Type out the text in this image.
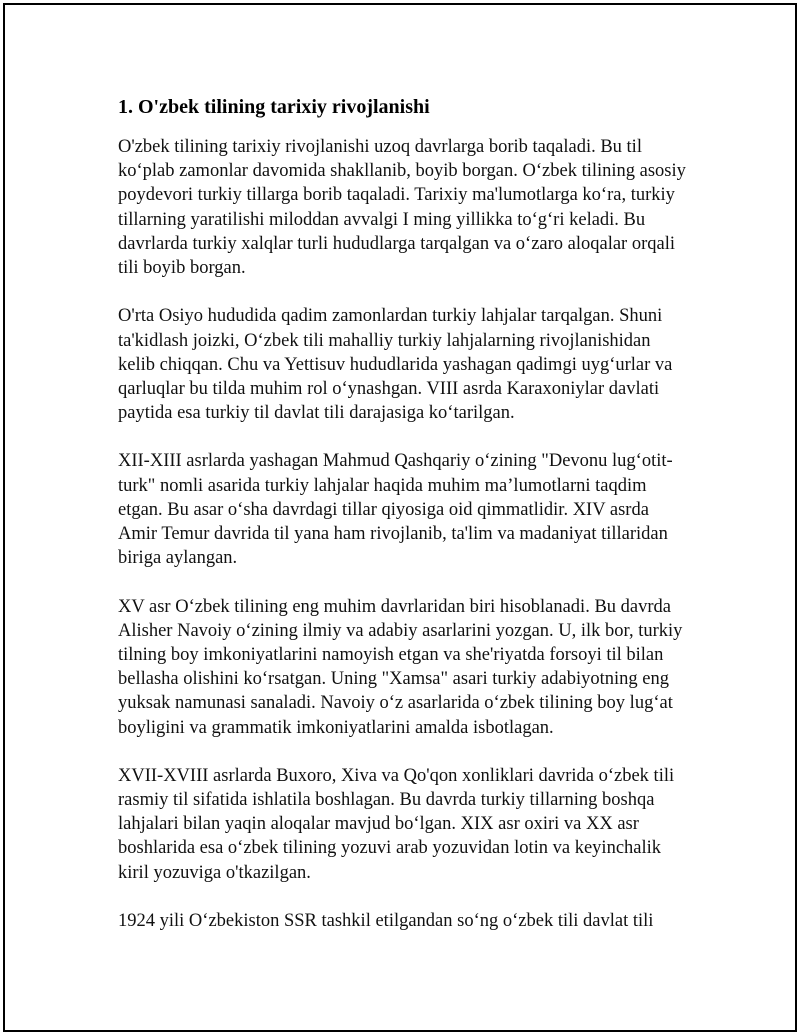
1. O'zbek tilining tarixiy rivojlanishi
O'zbek tilining tarixiy rivojlanishi uzoq davrlarga borib taqaladi. Bu til
ko‘plab zamonlar davomida shakllanib, boyib borgan. O‘zbek tilining asosiy
poydevori turkiy tillarga borib taqaladi. Tarixiy ma'lumotlarga ko‘ra, turkiy
tillarning yaratilishi miloddan avvalgi I ming yillikka to‘g‘ri keladi. Bu
davrlarda turkiy xalqlar turli hududlarga tarqalgan va o‘zaro aloqalar orqali
tili boyib borgan.
O'rta Osiyo hududida qadim zamonlardan turkiy lahjalar tarqalgan. Shuni
ta'kidlash joizki, O‘zbek tili mahalliy turkiy lahjalarning rivojlanishidan
kelib chiqqan. Chu va Yettisuv hududlarida yashagan qadimgi uyg‘urlar va
qarluqlar bu tilda muhim rol o‘ynashgan. VIII asrda Karaxoniylar davlati
paytida esa turkiy til davlat tili darajasiga ko‘tarilgan.
XII-XIII asrlarda yashagan Mahmud Qashqariy o‘zining "Devonu lug‘otit-
turk" nomli asarida turkiy lahjalar haqida muhim ma’lumotlarni taqdim
etgan. Bu asar o‘sha davrdagi tillar qiyosiga oid qimmatlidir. XIV asrda
Amir Temur davrida til yana ham rivojlanib, ta'lim va madaniyat tillaridan
biriga aylangan.
XV asr O‘zbek tilining eng muhim davrlaridan biri hisoblanadi. Bu davrda
Alisher Navoiy o‘zining ilmiy va adabiy asarlarini yozgan. U, ilk bor, turkiy
tilning boy imkoniyatlarini namoyish etgan va she'riyatda forsoyi til bilan
bellasha olishini ko‘rsatgan. Uning "Xamsa" asari turkiy adabiyotning eng
yuksak namunasi sanaladi. Navoiy o‘z asarlarida o‘zbek tilining boy lug‘at
boyligini va grammatik imkoniyatlarini amalda isbotlagan.
XVII-XVIII asrlarda Buxoro, Xiva va Qo'qon xonliklari davrida o‘zbek tili
rasmiy til sifatida ishlatila boshlagan. Bu davrda turkiy tillarning boshqa
lahjalari bilan yaqin aloqalar mavjud bo‘lgan. XIX asr oxiri va XX asr
boshlarida esa o‘zbek tilining yozuvi arab yozuvidan lotin va keyinchalik
kiril yozuviga o'tkazilgan.
1924 yili O‘zbekiston SSR tashkil etilgandan so‘ng o‘zbek tili davlat tili
